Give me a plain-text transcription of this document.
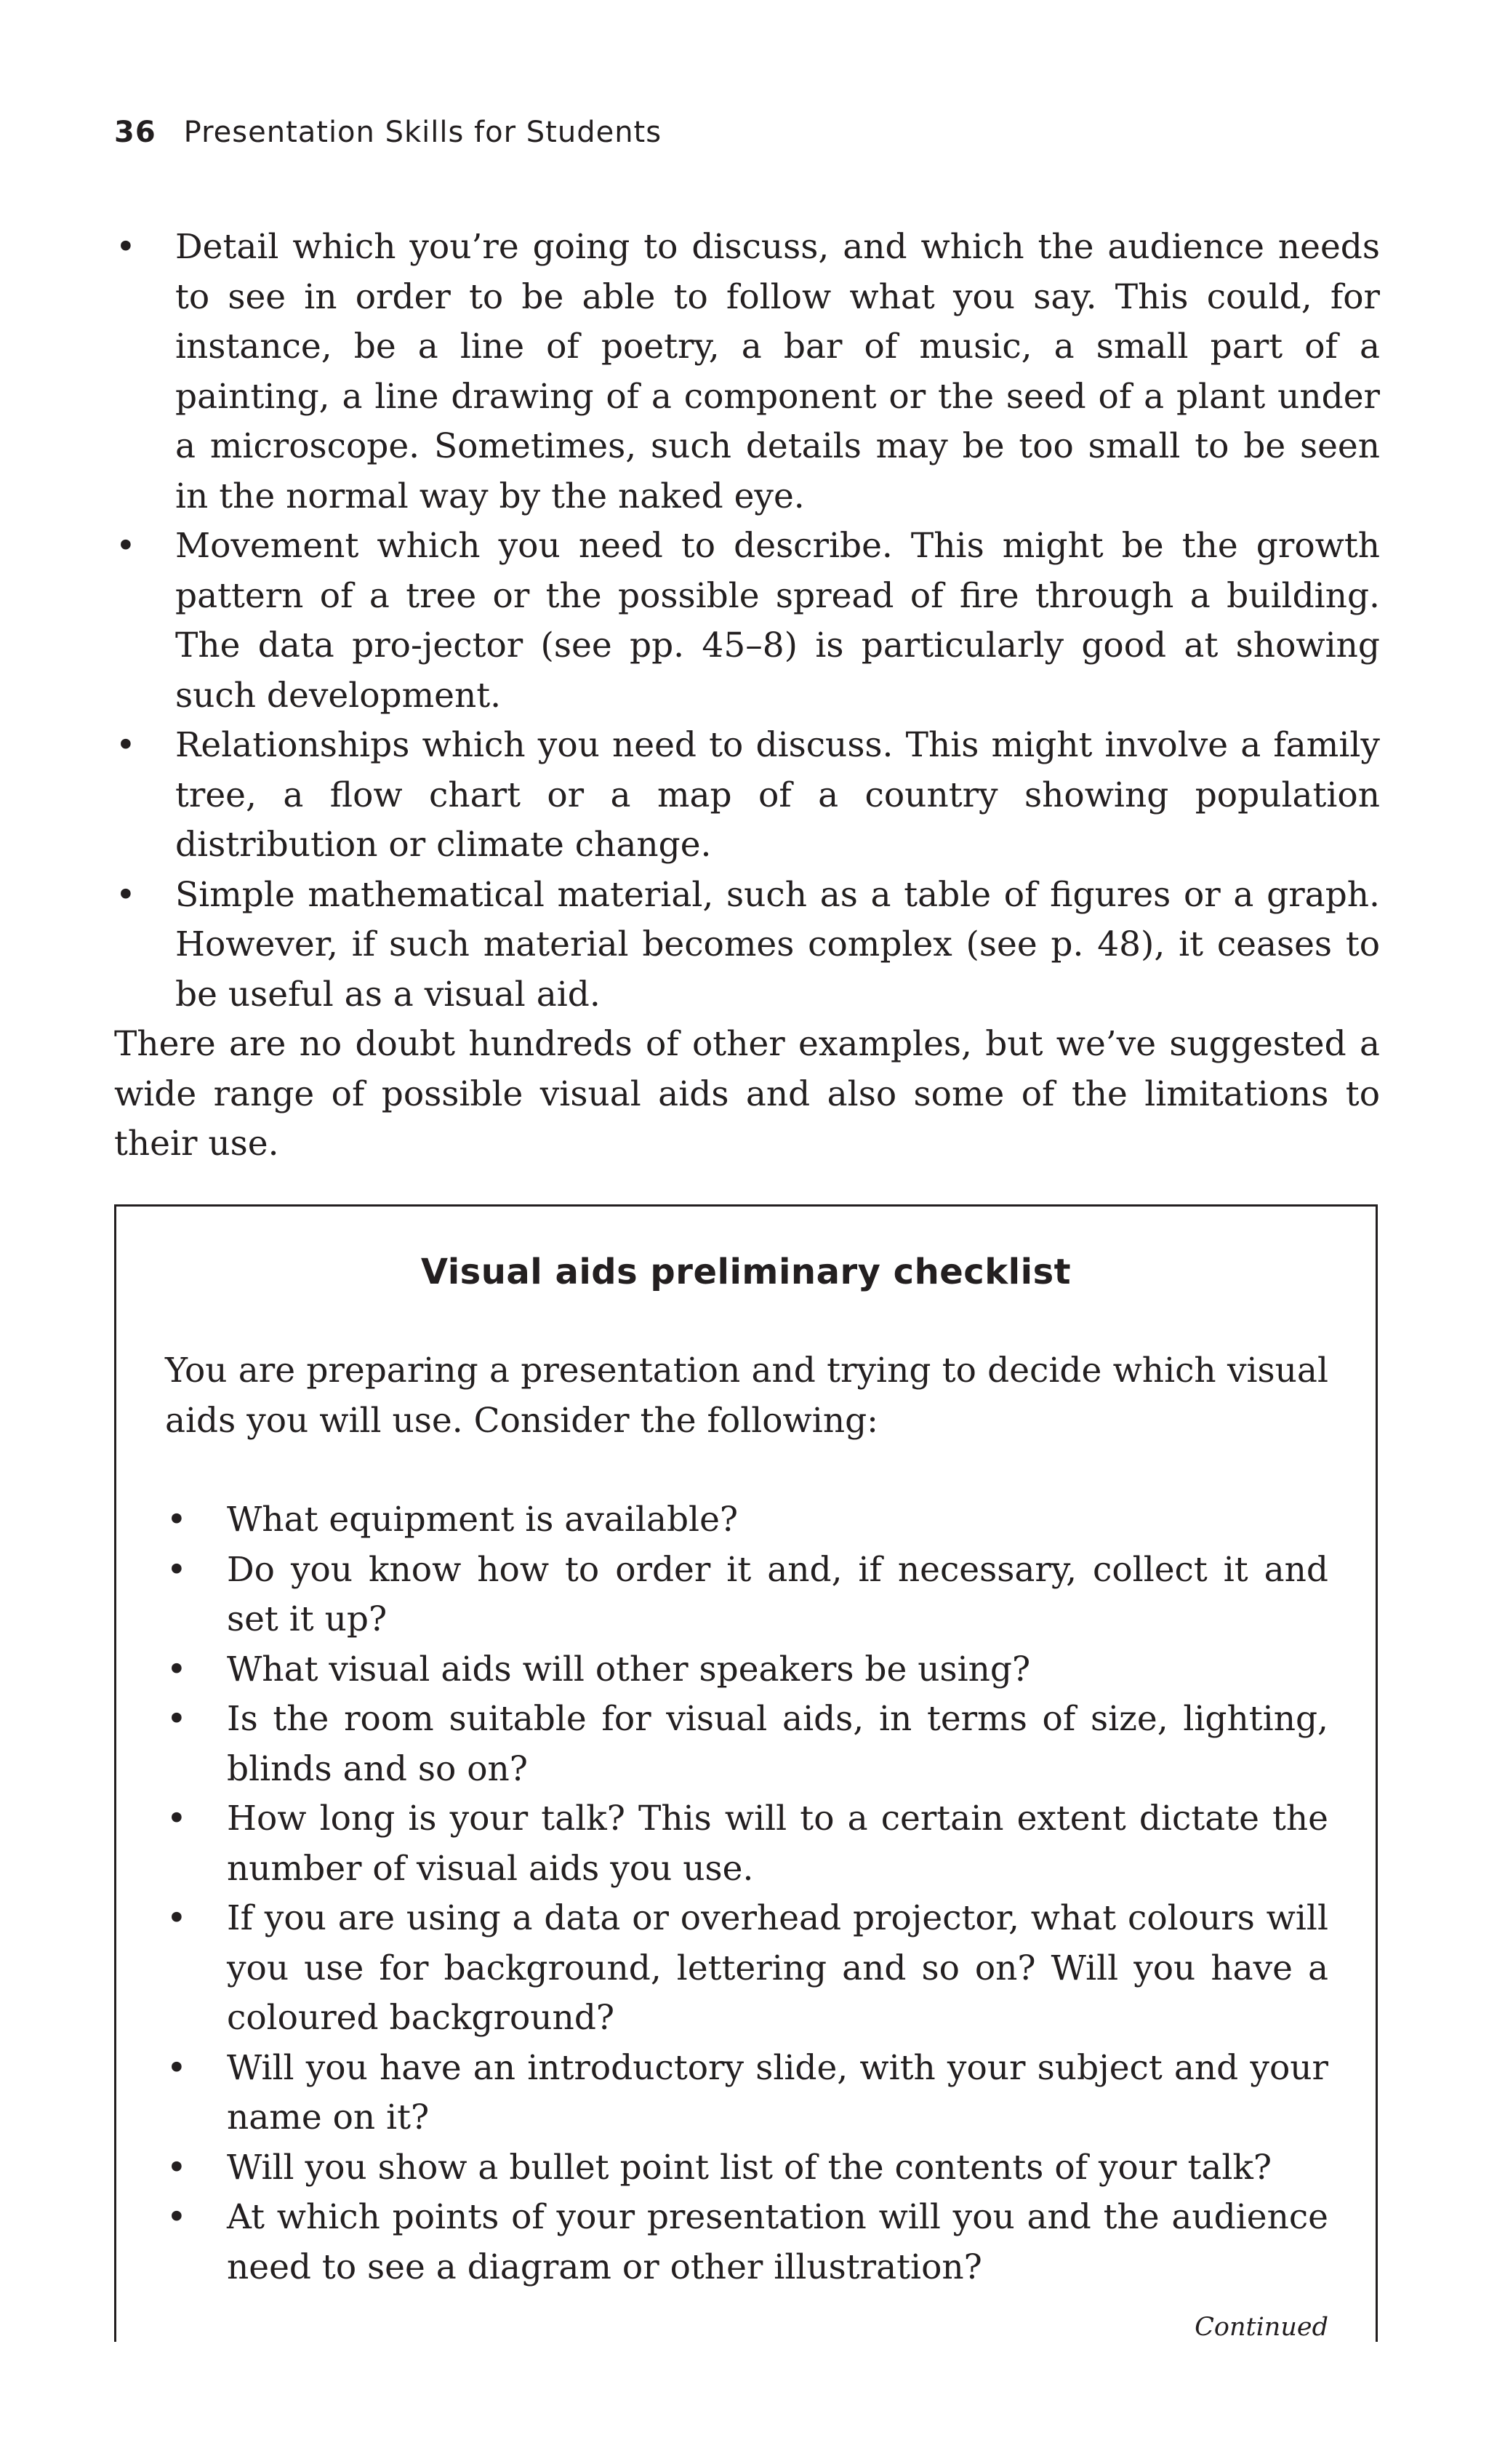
36 Presentation Skills for Students
• Detail which you’re going to discuss, and which the audience needs to see in order to be able to follow what you say. This could, for instance, be a line of poetry, a bar of music, a small part of a painting, a line drawing of a component or the seed of a plant under a microscope. Sometimes, such details may be too small to be seen in the normal way by the naked eye.
• Movement which you need to describe. This might be the growth pattern of a tree or the possible spread of fire through a building. The data pro-jector (see pp. 45–8) is particularly good at showing such development.
• Relationships which you need to discuss. This might involve a family tree, a flow chart or a map of a country showing population distribution or climate change.
• Simple mathematical material, such as a table of figures or a graph. However, if such material becomes complex (see p. 48), it ceases to be useful as a visual aid.

There are no doubt hundreds of other examples, but we’ve suggested a wide range of possible visual aids and also some of the limitations to their use.

Visual aids preliminary checklist

You are preparing a presentation and trying to decide which visual aids you will use. Consider the following:

• What equipment is available?
• Do you know how to order it and, if necessary, collect it and set it up?
• What visual aids will other speakers be using?
• Is the room suitable for visual aids, in terms of size, lighting, blinds and so on?
• How long is your talk? This will to a certain extent dictate the number of visual aids you use.
• If you are using a data or overhead projector, what colours will you use for background, lettering and so on? Will you have a coloured background?
• Will you have an introductory slide, with your subject and your name on it?
• Will you show a bullet point list of the contents of your talk?
• At which points of your presentation will you and the audience need to see a diagram or other illustration?

Continued
